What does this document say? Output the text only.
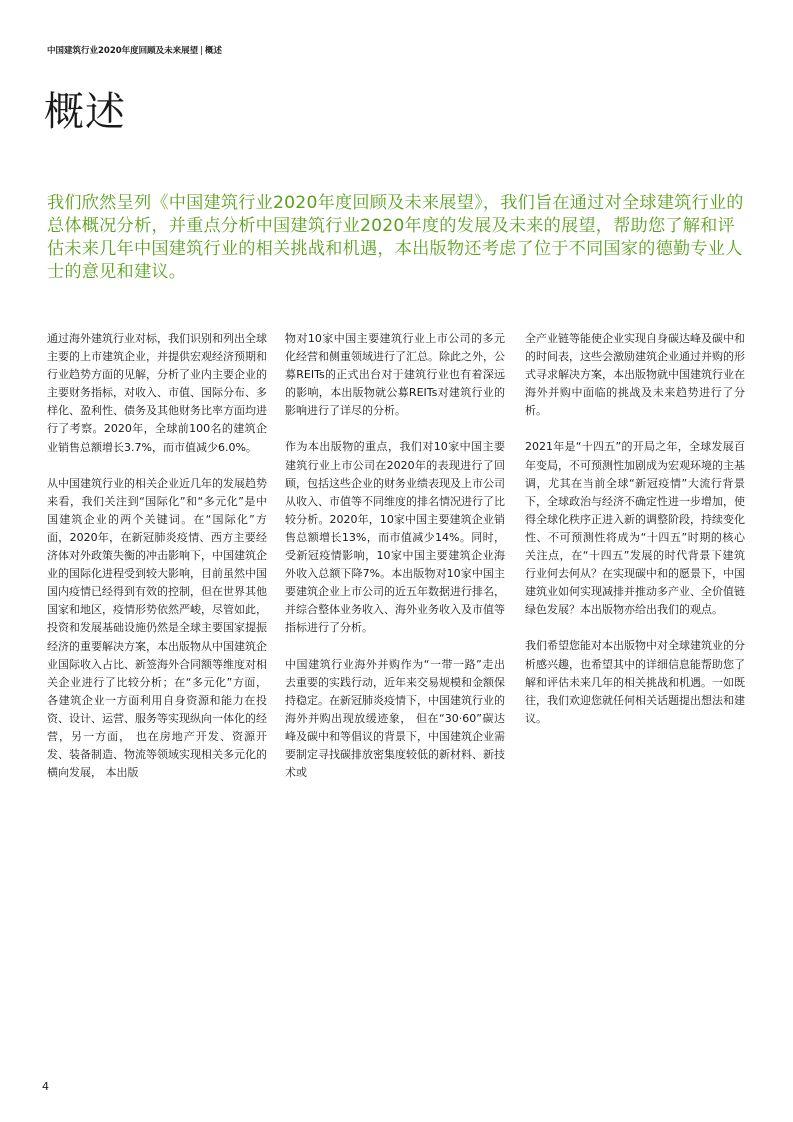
中国建筑行业2020年度回顾及未来展望 | 概述
概述

我们欣然呈列《中国建筑行业2020年度回顾及未来展望》，我们旨在通过对全球建筑行业的总体概况分析，并重点分析中国建筑行业2020年度的发展及未来的展望，帮助您了解和评估未来几年中国建筑行业的相关挑战和机遇，本出版物还考虑了位于不同国家的德勤专业人士的意见和建议。

通过海外建筑行业对标，我们识别和列出全球主要的上市建筑企业，并提供宏观经济预期和行业趋势方面的见解，分析了业内主要企业的主要财务指标，对收入、市值、国际分布、多样化、盈利性、债务及其他财务比率方面均进行了考察。2020年，全球前100名的建筑企业销售总额增长3.7%，而市值减少6.0%。

从中国建筑行业的相关企业近几年的发展趋势来看，我们关注到“国际化”和“多元化”是中国建筑企业的两个关键词。在“国际化”方面，2020年，在新冠肺炎疫情、西方主要经济体对外政策失衡的冲击影响下，中国建筑企业的国际化进程受到较大影响，目前虽然中国国内疫情已经得到有效的控制，但在世界其他国家和地区，疫情形势依然严峻，尽管如此，投资和发展基础设施仍然是全球主要国家提振经济的重要解决方案，本出版物从中国建筑企业国际收入占比、新签海外合同额等维度对相关企业进行了比较分析；在“多元化”方面，各建筑企业一方面利用自身资源和能力在投资、设计、运营、服务等实现纵向一体化的经营，另一方面， 也在房地产开发、资源开发、装备制造、物流等领域实现相关多元化的横向发展， 本出版

物对10家中国主要建筑行业上市公司的多元化经营和侧重领域进行了汇总。除此之外，公募REITs的正式出台对于建筑行业也有着深远的影响，本出版物就公募REITs对建筑行业的影响进行了详尽的分析。

作为本出版物的重点，我们对10家中国主要建筑行业上市公司在2020年的表现进行了回顾，包括这些企业的财务业绩表现及上市公司从收入、市值等不同维度的排名情况进行了比较分析。2020年，10家中国主要建筑企业销售总额增长13%，而市值减少14%。同时，受新冠疫情影响，10家中国主要建筑企业海外收入总额下降7%。本出版物对10家中国主要建筑企业上市公司的近五年数据进行排名，并综合整体业务收入、海外业务收入及市值等指标进行了分析。

中国建筑行业海外并购作为“一带一路”走出去重要的实践行动，近年来交易规模和金额保持稳定。在新冠肺炎疫情下，中国建筑行业的海外并购出现放缓迹象， 但在“30·60”碳达峰及碳中和等倡议的背景下，中国建筑企业需要制定寻找碳排放密集度较低的新材料、新技术或

全产业链等能使企业实现自身碳达峰及碳中和的时间表，这些会激励建筑企业通过并购的形式寻求解决方案，本出版物就中国建筑行业在海外并购中面临的挑战及未来趋势进行了分析。

2021年是“十四五”的开局之年，全球发展百年变局，不可预测性加剧成为宏观环境的主基调，尤其在当前全球“新冠疫情”大流行背景下，全球政治与经济不确定性进一步增加，使得全球化秩序正进入新的调整阶段，持续变化性、不可预测性将成为“十四五”时期的核心关注点，在“十四五”发展的时代背景下建筑行业何去何从？在实现碳中和的愿景下，中国建筑业如何实现减排并推动多产业、全价值链绿色发展？本出版物亦给出我们的观点。

我们希望您能对本出版物中对全球建筑业的分析感兴趣，也希望其中的详细信息能帮助您了解和评估未来几年的相关挑战和机遇。一如既往，我们欢迎您就任何相关话题提出想法和建议。

4
